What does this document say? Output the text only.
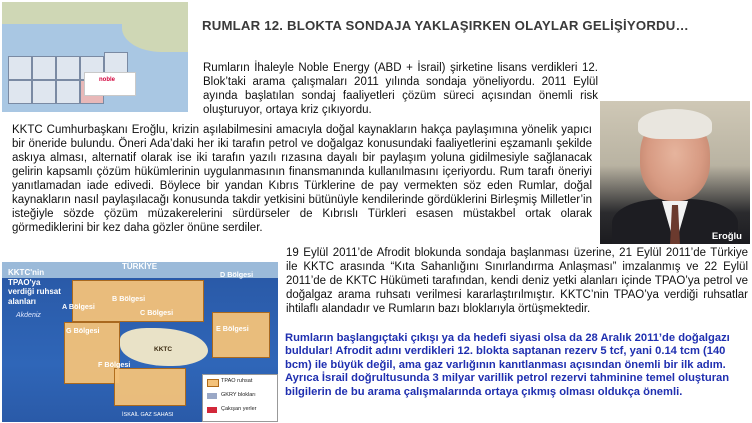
noble
RUMLAR 12. BLOKTA SONDAJA YAKLAŞIRKEN OLAYLAR GELİŞİYORDU…
Rumların İhaleyle Noble Energy (ABD + İsrail) şirketine lisans verdikleri 12. Blok’taki arama çalışmaları 2011 yılında sondaja yöneliyordu. 2011 Eylül ayında başlatılan sondaj faaliyetleri çözüm süreci açısından önemli risk oluşturuyor, ortaya kriz çıkıyordu.
Eroğlu
KKTC Cumhurbaşkanı Eroğlu, krizin aşılabilmesini amacıyla doğal kaynakların hakça paylaşımına yönelik yapıcı bir öneride bulundu. Öneri Ada’daki her iki tarafın petrol ve doğalgaz konusundaki faaliyetlerini eşzamanlı şekilde askıya alması, alternatif olarak ise iki tarafın yazılı rızasına dayalı bir paylaşım yoluna gidilmesiyle sağlanacak gelirin kapsamlı çözüm hükümlerinin uygulanmasının finansmanında kullanılmasını içeriyordu. Rum tarafı öneriyi yanıtlamadan iade edivedi. Böylece bir yandan Kıbrıs Türklerine de pay vermekten söz eden Rumlar, doğal kaynakların nasıl paylaşılacağı konusunda takdir yetkisini bütünüyle kendilerinde gördüklerini Birleşmiş Milletler’in isteğiyle sözde çözüm müzakerelerini sürdürseler de Kıbrıslı Türkleri esasen müstakbel ortak olarak görmediklerini bir kez daha gözler önüne serdiler.
TÜRKİYE
KKTC'nin TPAO'ya verdiği ruhsat alanları
Akdeniz
D Bölgesi
B Bölgesi
A Bölgesi
G Bölgesi
F Bölgesi
E Bölgesi
C Bölgesi
KKTC
TPAO ruhsat
GKRY blokları
Çakışan yerler
İSKAİL GAZ SAHASI
19 Eylül 2011’de Afrodit blokunda sondaja başlanması üzerine, 21 Eylül 2011’de Türkiye ile KKTC arasında “Kıta Sahanlığını Sınırlandırma Anlaşması” imzalanmış ve 22 Eylül 2011’de de KKTC Hükümeti tarafından, kendi deniz yetki alanları içinde TPAO’ya petrol ve doğalgaz arama ruhsatı verilmesi kararlaştırılmıştır. KKTC’nin TPAO’ya verdiği ruhsatlar ihtilaflı alandadır ve Rumların bazı bloklarıyla örtüşmektedir.
Rumların başlangıçtaki çıkışı ya da hedefi siyasi olsa da 28 Aralık 2011’de doğalgazı buldular! Afrodit adını verdikleri 12. blokta saptanan rezerv 5 tcf, yani 0.14 tcm (140 bcm) ile büyük değil, ama gaz varlığının kanıtlanması açısından önemli bir ilk adım. Ayrıca İsrail doğrultusunda 3 milyar varillik petrol rezervi tahminine temel oluşturan bilgilerin de bu arama çalışmalarında ortaya çıkmış olması oldukça önemli.
